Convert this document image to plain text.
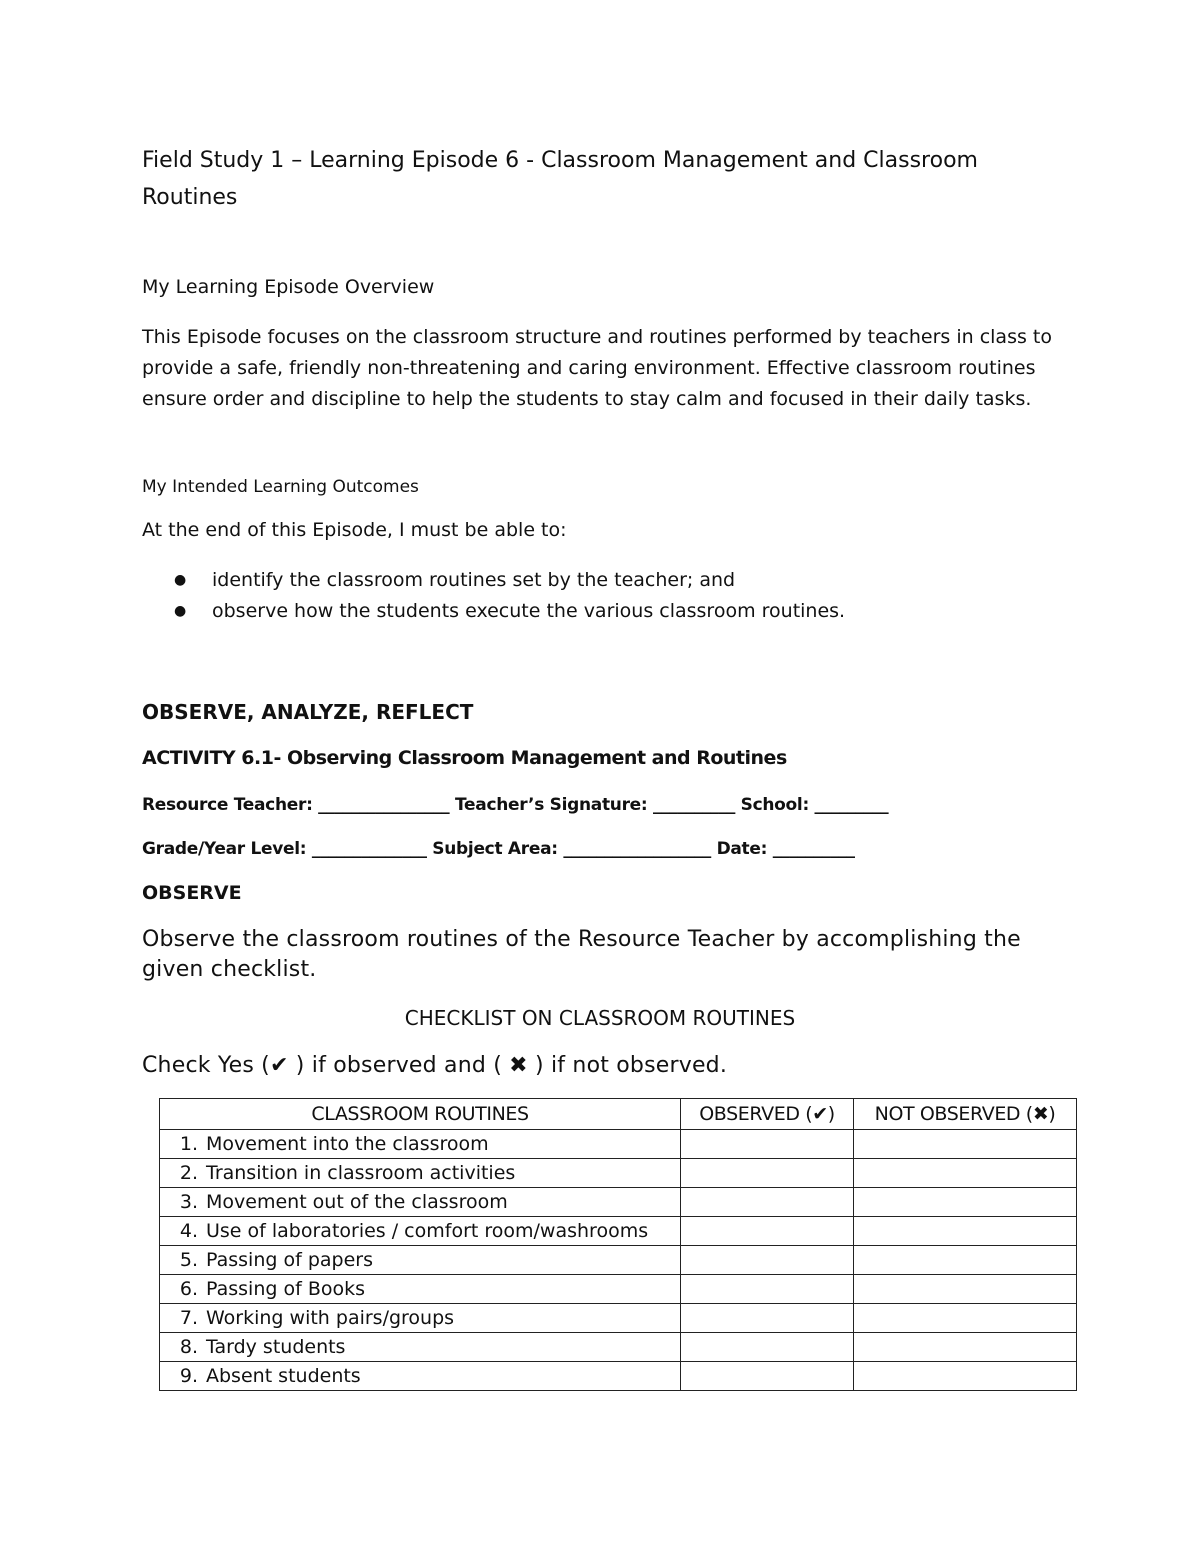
Field Study 1 – Learning Episode 6 - Classroom Management and Classroom Routines

My Learning Episode Overview

This Episode focuses on the classroom structure and routines performed by teachers in class to provide a safe, friendly non-threatening and caring environment. Effective classroom routines ensure order and discipline to help the students to stay calm and focused in their daily tasks.

My Intended Learning Outcomes

At the end of this Episode, I must be able to:

● identify the classroom routines set by the teacher; and
● observe how the students execute the various classroom routines.

OBSERVE, ANALYZE, REFLECT

ACTIVITY 6.1- Observing Classroom Management and Routines

Resource Teacher: ________________ Teacher’s Signature: __________ School: _________

Grade/Year Level: ______________ Subject Area: __________________ Date: __________

OBSERVE

Observe the classroom routines of the Resource Teacher by accomplishing the given checklist.

CHECKLIST ON CLASSROOM ROUTINES

Check Yes (✔ ) if observed and ( ✖ ) if not observed.

CLASSROOM ROUTINES	OBSERVED (✔)	NOT OBSERVED (✖)
1. Movement into the classroom		
2. Transition in classroom activities		
3. Movement out of the classroom		
4. Use of laboratories / comfort room/washrooms		
5. Passing of papers		
6. Passing of Books		
7. Working with pairs/groups		
8. Tardy students		
9. Absent students		
